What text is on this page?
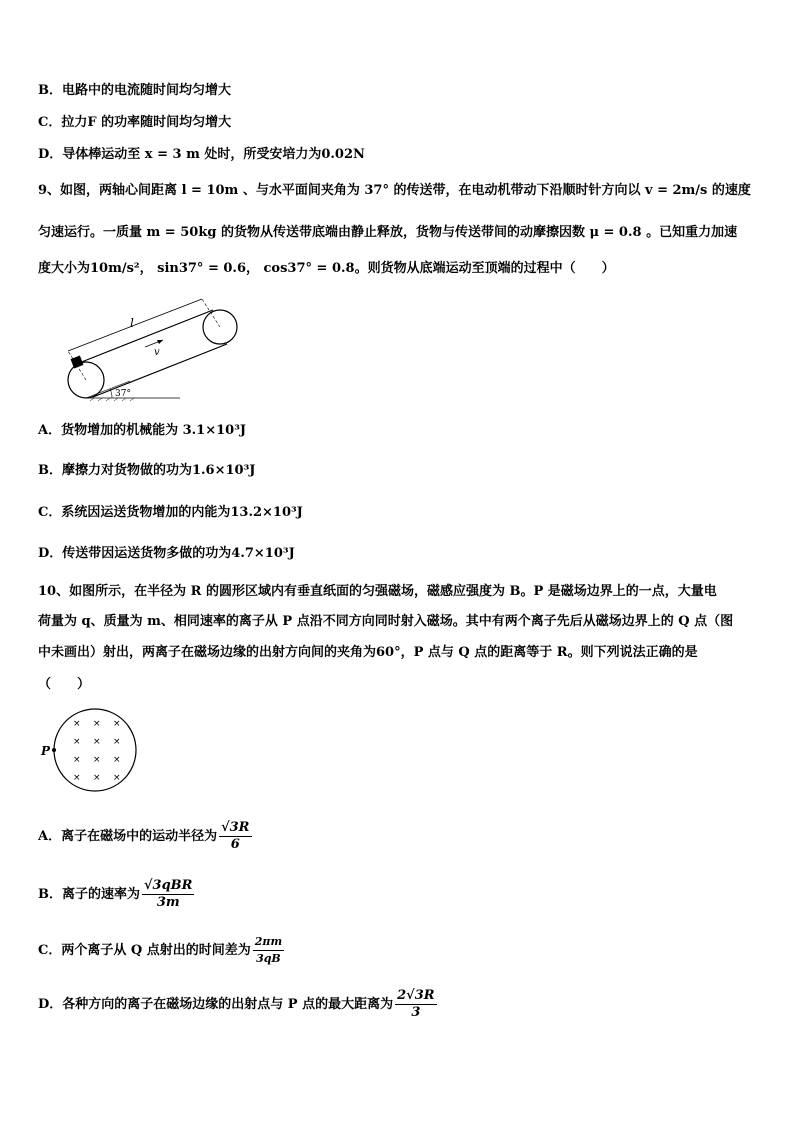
B．电路中的电流随时间均匀增大
C．拉力F 的功率随时间均匀增大
D．导体棒运动至 x = 3 m 处时，所受安培力为0.02N
9、如图，两轴心间距离 l = 10m 、与水平面间夹角为 37° 的传送带，在电动机带动下沿顺时针方向以 v = 2m/s 的速度
匀速运行。一质量 m = 50kg 的货物从传送带底端由静止释放，货物与传送带间的动摩擦因数 μ = 0.8 。已知重力加速
度大小为10m/s²， sin37° = 0.6， cos37° = 0.8。则货物从底端运动至顶端的过程中（　　）
l
v
37°
A．货物增加的机械能为 3.1×10³J
B．摩擦力对货物做的功为1.6×10³J
C．系统因运送货物增加的内能为13.2×10³J
D．传送带因运送货物多做的功为4.7×10³J
10、如图所示，在半径为 R 的圆形区域内有垂直纸面的匀强磁场，磁感应强度为 B。P 是磁场边界上的一点，大量电
荷量为 q、质量为 m、相同速率的离子从 P 点沿不同方向同时射入磁场。其中有两个离子先后从磁场边界上的 Q 点（图
中未画出）射出，两离子在磁场边缘的出射方向间的夹角为60°，P 点与 Q 点的距离等于 R。则下列说法正确的是
（　　）
P
× × ×
× × ×
× × ×
× × ×
A．离子在磁场中的运动半径为 $\frac{√3R}{6}$
B．离子的速率为 $\frac{\text{√3qBR}}{3m}$
C．两个离子从 Q 点射出的时间差为 $\frac{2\pi m}{3qB}$
D．各种方向的离子在磁场边缘的出射点与 P 点的最大距离为 $\frac{2√3R}{3}$
